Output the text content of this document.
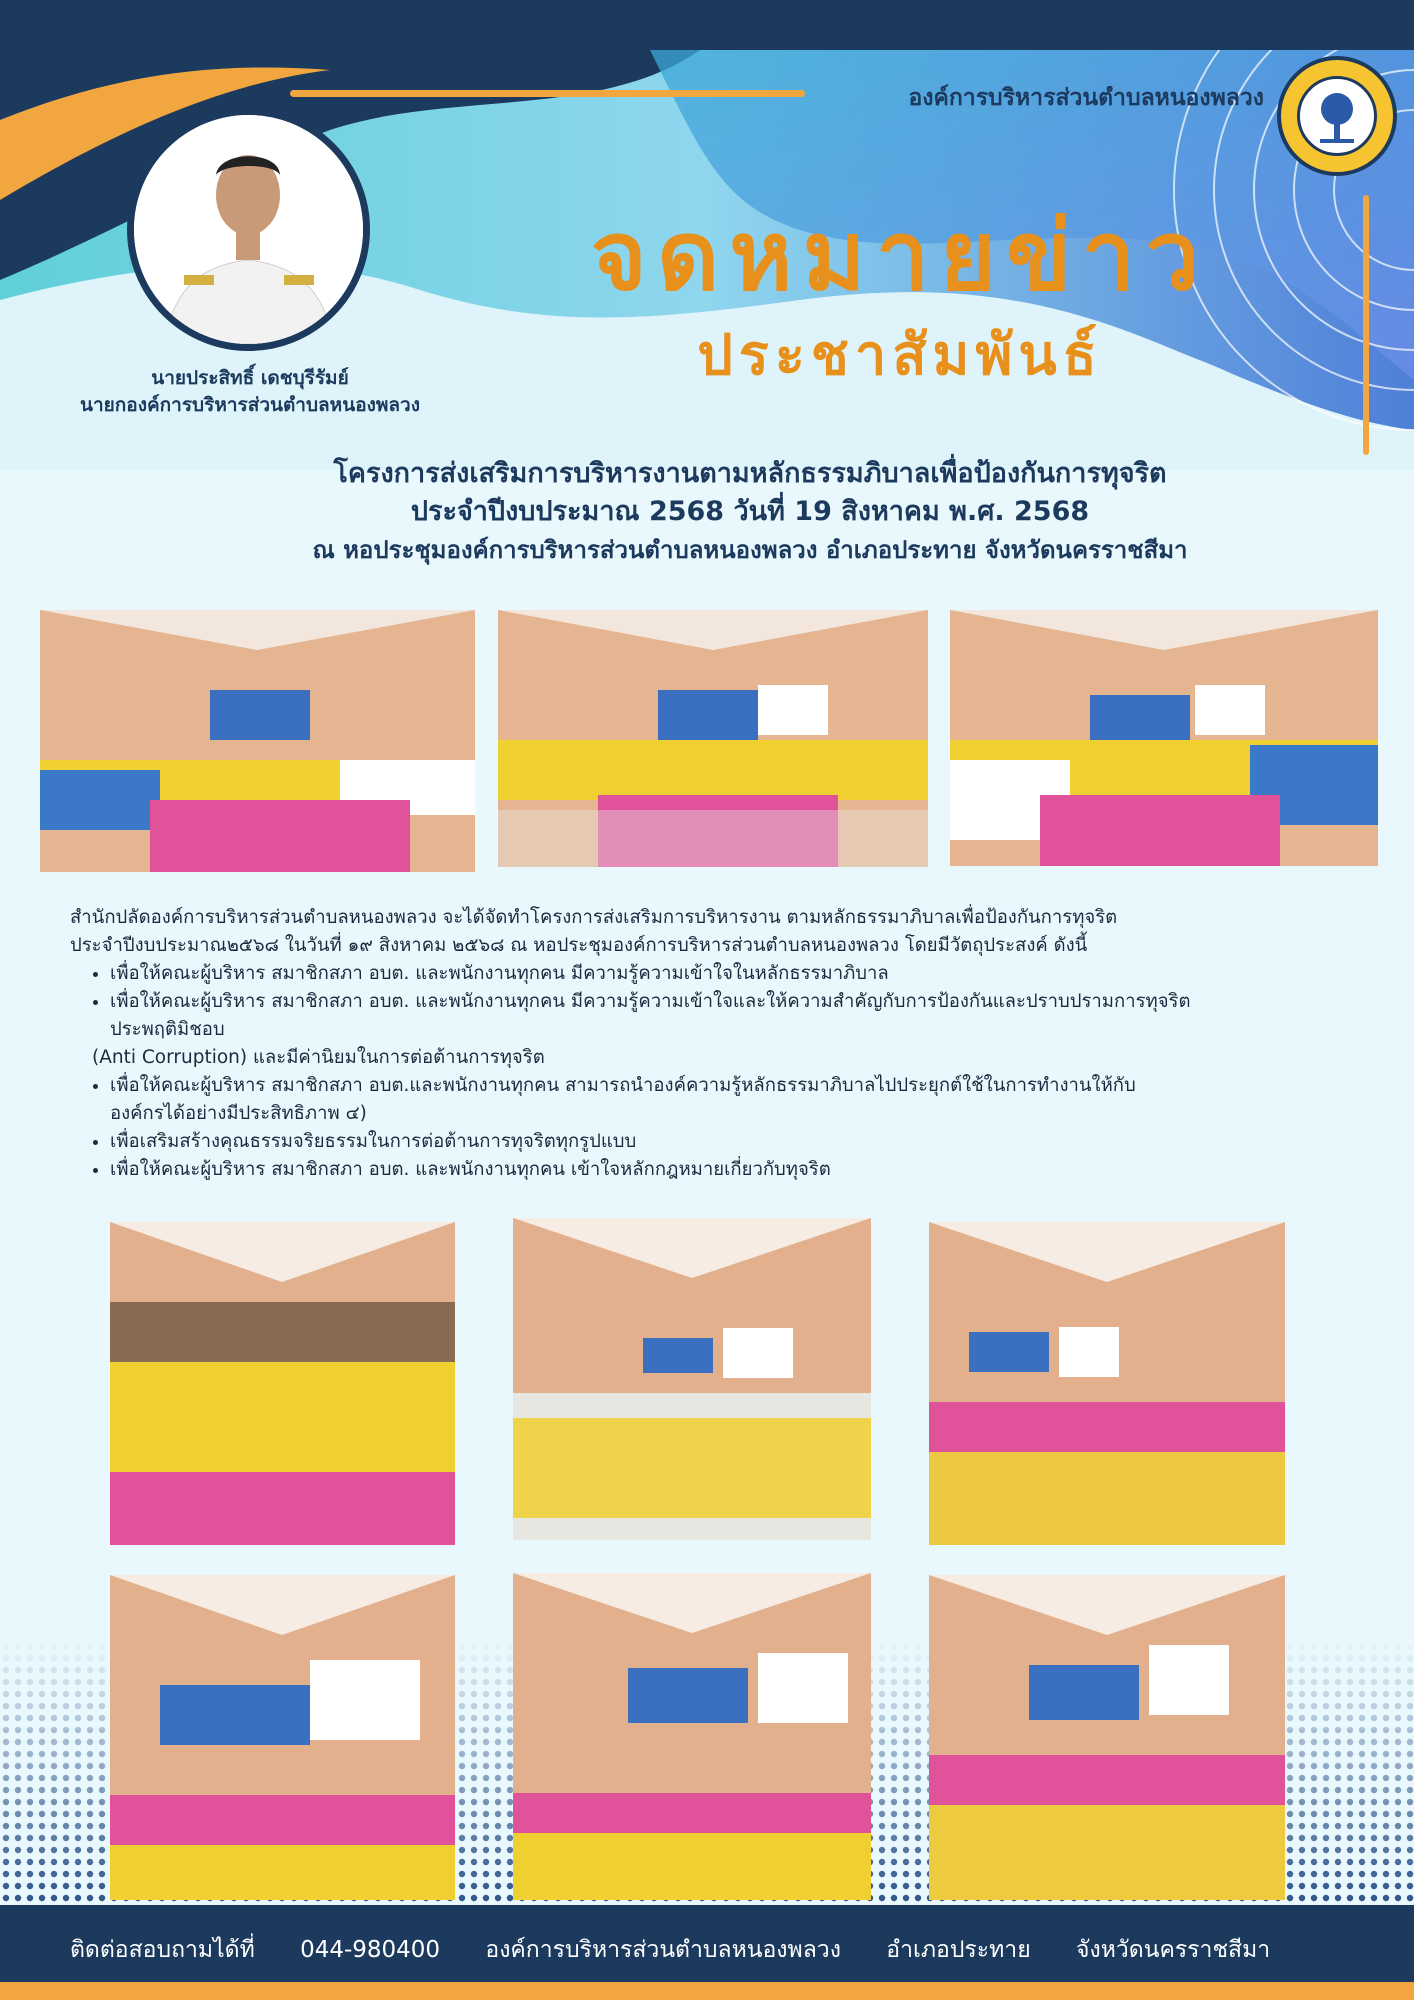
องค์การบริหารส่วนตำบลหนองพลวง
นายประสิทธิ์ เดชบุรีรัมย์
นายกองค์การบริหารส่วนตำบลหนองพลวง
จดหมายข่าว
ประชาสัมพันธ์
โครงการส่งเสริมการบริหารงานตามหลักธรรมภิบาลเพื่อป้องกันการทุจริต
ประจำปีงบประมาณ 2568 วันที่ 19 สิงหาคม พ.ศ. 2568
ณ หอประชุมองค์การบริหารส่วนตำบลหนองพลวง อำเภอประทาย จังหวัดนครราชสีมา
สำนักปลัดองค์การบริหารส่วนตำบลหนองพลวง จะได้จัดทำโครงการส่งเสริมการบริหารงาน ตามหลักธรรมาภิบาลเพื่อป้องกันการทุจริต
ประจำปีงบประมาณ๒๕๖๘ ในวันที่ ๑๙ สิงหาคม ๒๕๖๘ ณ หอประชุมองค์การบริหารส่วนตำบลหนองพลวง โดยมีวัตถุประสงค์ ดังนี้
• เพื่อให้คณะผู้บริหาร สมาชิกสภา อบต. และพนักงานทุกคน มีความรู้ความเข้าใจในหลักธรรมาภิบาล
• เพื่อให้คณะผู้บริหาร สมาชิกสภา อบต. และพนักงานทุกคน มีความรู้ความเข้าใจและให้ความสำคัญกับการป้องกันและปราบปรามการทุจริต
ประพฤติมิชอบ
(Anti Corruption) และมีค่านิยมในการต่อต้านการทุจริต
• เพื่อให้คณะผู้บริหาร สมาชิกสภา อบต.และพนักงานทุกคน สามารถนำองค์ความรู้หลักธรรมาภิบาลไปประยุกต์ใช้ในการทำงานให้กับ
องค์กรได้อย่างมีประสิทธิภาพ ๔)
• เพื่อเสริมสร้างคุณธรรมจริยธรรมในการต่อต้านการทุจริตทุกรูปแบบ
• เพื่อให้คณะผู้บริหาร สมาชิกสภา อบต. และพนักงานทุกคน เข้าใจหลักกฎหมายเกี่ยวกับทุจริต
ติดต่อสอบถามได้ที่ 044-980400 องค์การบริหารส่วนตำบลหนองพลวง อำเภอประทาย จังหวัดนครราชสีมา
